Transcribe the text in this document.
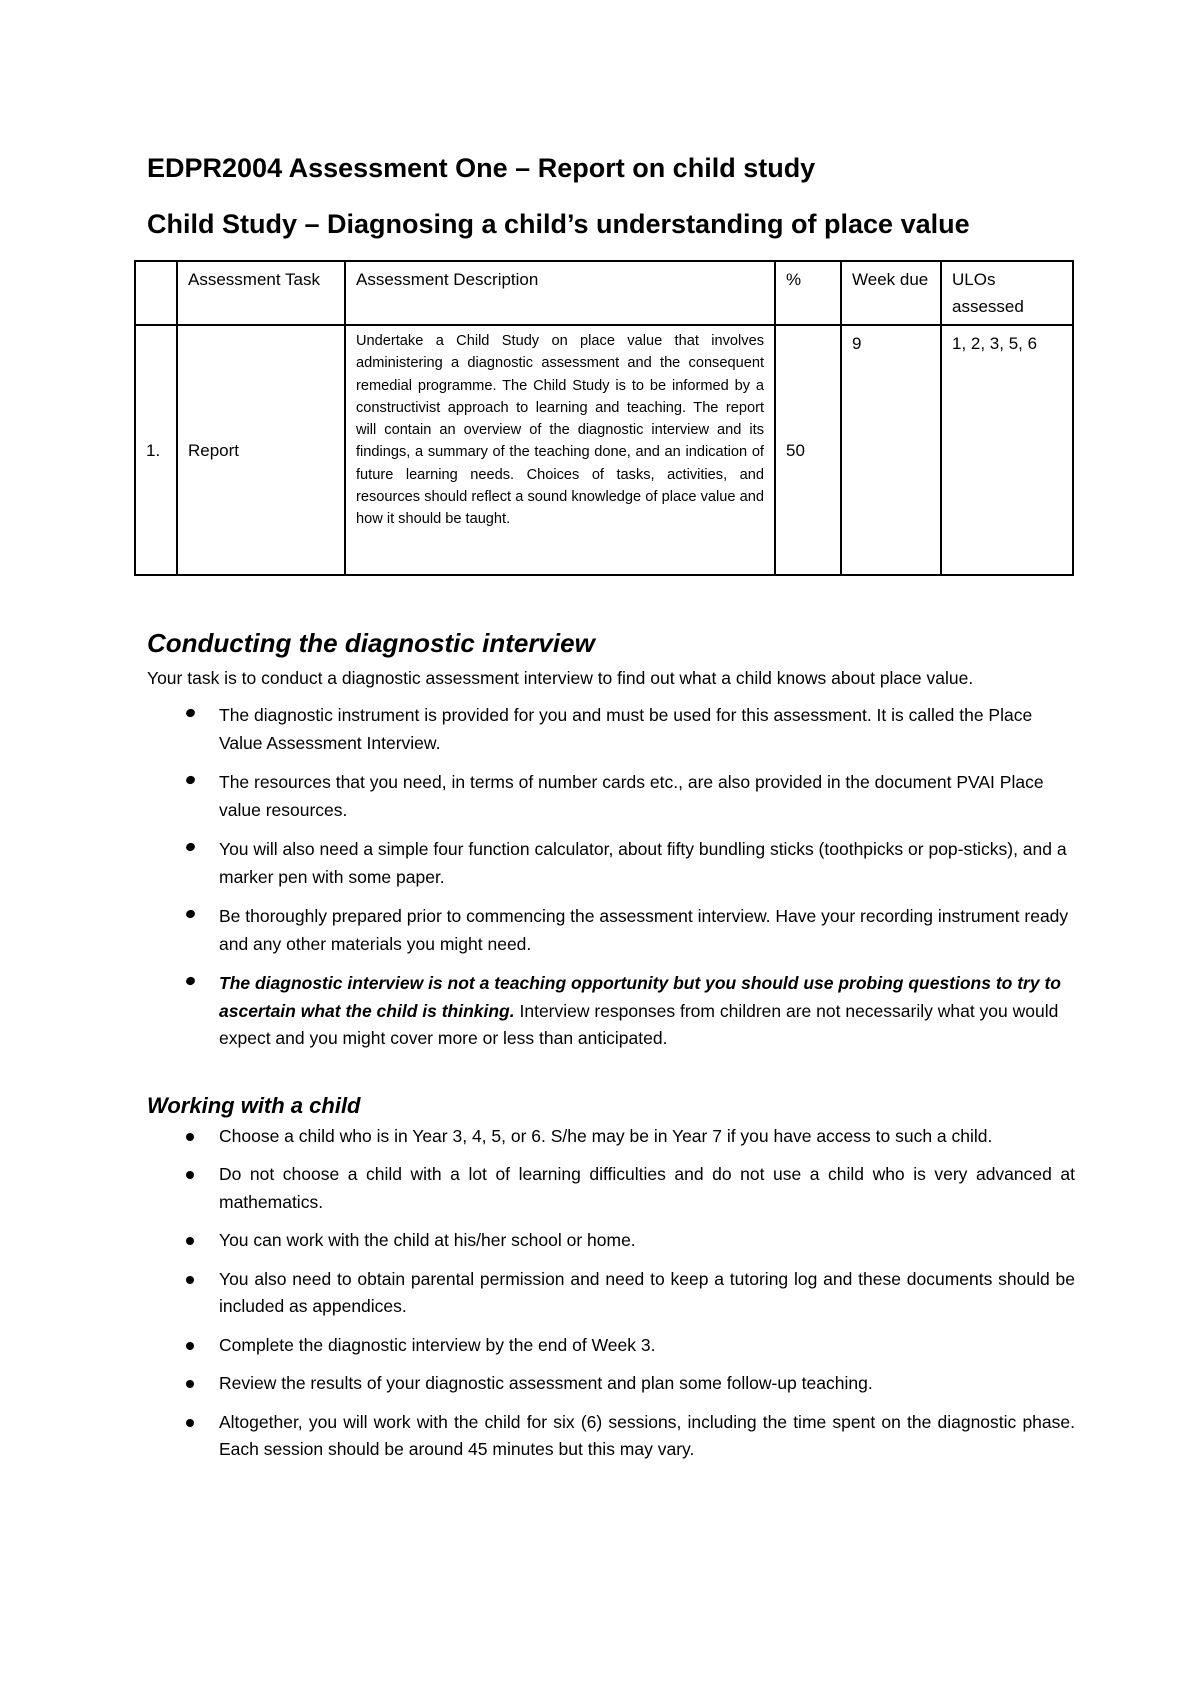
EDPR2004 Assessment One – Report on child study
Child Study – Diagnosing a child’s understanding of place value
	Assessment Task	Assessment Description	%	Week due	ULOs assessed
1.	Report	Undertake a Child Study on place value that involves administering a diagnostic assessment and the consequent remedial programme. The Child Study is to be informed by a constructivist approach to learning and teaching. The report will contain an overview of the diagnostic interview and its findings, a summary of the teaching done, and an indication of future learning needs. Choices of tasks, activities, and resources should reflect a sound knowledge of place value and how it should be taught.	50	9	1, 2, 3, 5, 6
Conducting the diagnostic interview

Your task is to conduct a diagnostic assessment interview to find out what a child knows about place value.

The diagnostic instrument is provided for you and must be used for this assessment. It is called the Place Value Assessment Interview.
The resources that you need, in terms of number cards etc., are also provided in the document PVAI Place value resources.
You will also need a simple four function calculator, about fifty bundling sticks (toothpicks or pop-sticks), and a marker pen with some paper.
Be thoroughly prepared prior to commencing the assessment interview. Have your recording instrument ready and any other materials you might need.
The diagnostic interview is not a teaching opportunity but you should use probing questions to try to ascertain what the child is thinking. Interview responses from children are not necessarily what you would expect and you might cover more or less than anticipated.
Working with a child
Choose a child who is in Year 3, 4, 5, or 6. S/he may be in Year 7 if you have access to such a child.
Do not choose a child with a lot of learning difficulties and do not use a child who is very advanced at mathematics.
You can work with the child at his/her school or home.
You also need to obtain parental permission and need to keep a tutoring log and these documents should be included as appendices.
Complete the diagnostic interview by the end of Week 3.
Review the results of your diagnostic assessment and plan some follow-up teaching.
Altogether, you will work with the child for six (6) sessions, including the time spent on the diagnostic phase. Each session should be around 45 minutes but this may vary.
